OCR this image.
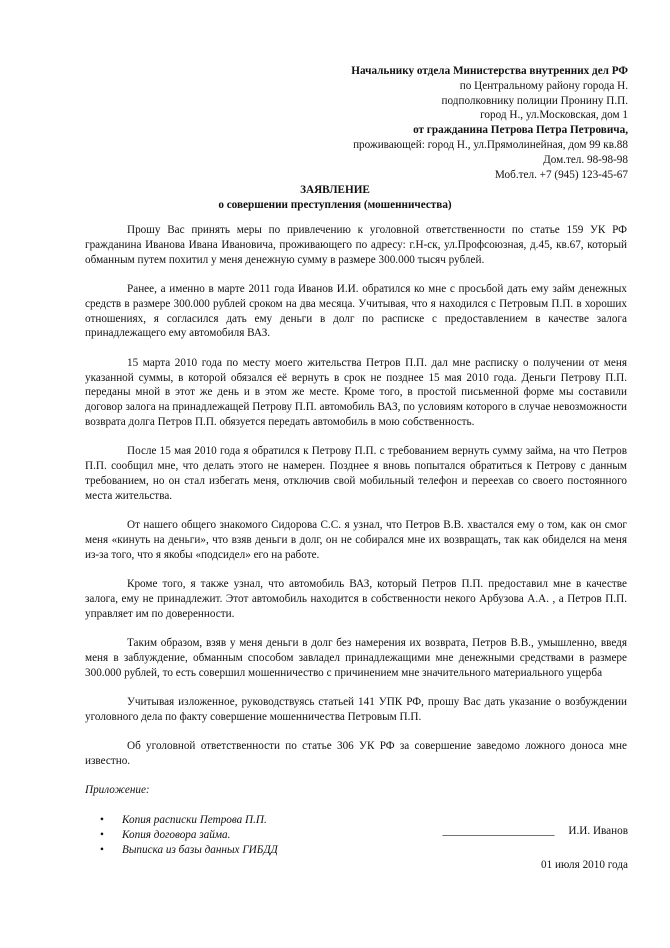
Начальнику отдела Министерства внутренних дел РФ
по Центральному району города Н.
подполковнику полиции Пронину П.П.
город Н., ул.Московская, дом 1
от гражданина Петрова Петра Петровича,
проживающей: город Н., ул.Прямолинейная, дом 99 кв.88
Дом.тел. 98-98-98
Моб.тел. +7 (945) 123-45-67
ЗАЯВЛЕНИЕ
о совершении преступления (мошенничества)

Прошу Вас принять меры по привлечению к уголовной ответственности по статье 159 УК РФ гражданина Иванова Ивана Ивановича, проживающего по адресу: г.Н-ск, ул.Профсоюзная, д.45, кв.67, который обманным путем похитил у меня денежную сумму в размере 300.000 тысяч рублей.

Ранее, а именно в марте 2011 года Иванов И.И. обратился ко мне с просьбой дать ему займ денежных средств в размере 300.000 рублей сроком на два месяца. Учитывая, что я находился с Петровым П.П. в хороших отношениях, я согласился дать ему деньги в долг по расписке с предоставлением в качестве залога принадлежащего ему автомобиля ВАЗ.

15 марта 2010 года по месту моего жительства Петров П.П. дал мне расписку о получении от меня указанной суммы, в которой обязался её вернуть в срок не позднее 15 мая 2010 года. Деньги Петрову П.П. переданы мной в этот же день и в этом же месте. Кроме того, в простой письменной форме мы составили договор залога на принадлежащей Петрову П.П. автомобиль ВАЗ, по условиям которого в случае невозможности возврата долга Петров П.П. обязуется передать автомобиль в мою собственность.

После 15 мая 2010 года я обратился к Петрову П.П. с требованием вернуть сумму займа, на что Петров П.П. сообщил мне, что делать этого не намерен. Позднее я вновь попытался обратиться к Петрову с данным требованием, но он стал избегать меня, отключив свой мобильный телефон и переехав со своего постоянного места жительства.

От нашего общего знакомого Сидорова С.С. я узнал, что Петров В.В. хвастался ему о том, как он смог меня «кинуть на деньги», что взяв деньги в долг, он не собирался мне их возвращать, так как обиделся на меня из-за того, что я якобы «подсидел» его на работе.

Кроме того, я также узнал, что автомобиль ВАЗ, который Петров П.П. предоставил мне в качестве залога, ему не принадлежит. Этот автомобиль находится в собственности некого Арбузова А.А. , а Петров П.П. управляет им по доверенности.

Таким образом, взяв у меня деньги в долг без намерения их возврата, Петров В.В., умышленно, введя меня в заблуждение, обманным способом завладел принадлежащими мне денежными средствами в размере 300.000 рублей, то есть совершил мошенничество с причинением мне значительного материального ущерба

Учитывая изложенное, руководствуясь статьей 141 УПК РФ, прошу Вас дать указание о возбуждении уголовного дела по факту совершение мошенничества Петровым П.П.

Об уголовной ответственности по статье 306 УК РФ за совершение заведомо ложного доноса мне известно.

Приложение:
• Копия расписки Петрова П.П.
• Копия договора займа.
• Выписка из базы данных ГИБДД
____________________ И.И. Иванов
01 июля 2010 года
